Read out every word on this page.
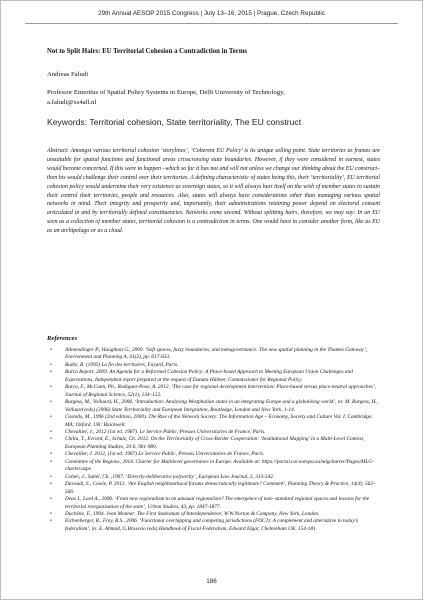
29th Annual AESOP 2015 Congress | July 13–16, 2015 | Prague, Czech Republic
Not to Split Hairs: EU Territorial Cohesion a Contradiction in Terms
Andreas Faludi
Professor Emeritus of Spatial Policy Systems in Europe, Delft University of Technology,
a.faludi@xs4all.nl
Keywords: Territorial cohesion, State territoriality, The EU construct

Abstract: Amongst various territorial cohesion ‘storylines’, ‘Coherent EU Policy’ is its unique selling point. State territories as frames are unsuitable for spatial functions and functional areas crisscrossing state boundaries. However, if they were considered in earnest, states would become concerned. If this were to happen –which so far it has not and will not unless we change our thinking about the EU construct– then his would challenge their control over their territories. A defining characteristic of states being this, their ‘territoriality’, EU territorial cohesion policy would undermine their very existence as sovereign states, so it will always hurt itself on the wish of member states to sustain their control their territories, people and resources. Also, states will always have considerations other than managing various spatial networks in mind. Their integrity and prosperity and, importantly, their administrations retaining power depend on electoral consent articulated in and by territorially defined constituencies. Networks come second. Without splitting hairs, therefore, we may say: In an EU seen as a collection of member states, territorial cohesion is a contradiction in terms. One would have to consider another form, like as EU as an archipelago or as a cloud.

References
• Allmendinger P., Haughton G., 2009. ‘Soft spaces, fuzzy boundaries, and metagovernance: The new spatial planning in the Thames Gateway’, Environment and Planning A, 41(3), pp. 617-633.
• Badie, B. (1995) La fin des territoires, Fayard, Paris.
• Barca Report, 2009. An Agenda for a Reformed Cohesion Policy: A Place-based Approach to Meeting European Union Challenges and Expectations, Independent report prepared at the request of Danuta Hübner, Commissioner for Regional Policy.
• Barca, F., McCann, Ph., Rodíguez-Pose, A. 2012. ‘The case for regional development intervention: Place-based versus place-neutral approaches’, Journal of Regional Science, 52(1), 134–152.
• Burgess, M., Vollaard, H., 2006. ‘Introduction: Analysing Westphalian states in an integrating Europe and a globalising world’, in: M. Burgess, H., Vollaard (eds) (2006) State Territoriality and European Integration, Routledge, London and New York, 1-14.
• Castells, M., 1996 (2nd edition, 2000). The Rise of the Network Society: The Information Age – Economy, Society and Culture Vol. I. Cambridge, MA; Oxford, UK: Blackwell.
• Chevallier, J., 2012 (1st ed. 1987). Le Service Public, Presses Universitaires de France, Paris.
• Chilla, T., Evrard, E., Schulz, Ch. 2012. On the Territoriality of Cross-Border Cooperation: ‘Institutional Mapping’ in a Multi-Level Context, European Planning Studies, 20:6, 961-980.
• Chevallier, J. 2012, (1st ed. 1987) Le Service Public, Presses Universitaires de France, Paris.
• Committee of the Regions, 2014. Charter for Multilevel governance in Europe. Available at: https://portal.cor.europa.eu/mlgcharter/Pages/MLG-charter.aspx
• Cohen, J., Sabel, Ch. ,1997. ‘Directly-deliberative polyarchy’, European Law Journal, 3, 313-342.
• Davoudi, S., Cowie, P. 2013. ‘Are English neighbourhood forums democratically legitimate? Comment’, Planning Theory & Practice, 14(4), 562–566.
• Deas I., Lord A., 2006. ‘From new regionalism to an unusual regionalism? The emergence of non- standard regional spaces and lessons for the territorial reorganisation of the state’, Urban Studies, 43, pp. 1847-1877.
• Duchêne, F., 1994. Jean Monnet: The First Statesman of Interdependence, W.W.Norton & Company, New York, London.
• Eichenberger, R., Frey, B.S., 2006. ‘Functional overlapping and competing jurisdictions (FOCJ): A complement and alternative to today’s federalism’, in: E. Ahmad, G.Brosssio (eds) Handbook of Fiscal Federalism, Edward Elgar, Cheltenham UK, 154-181.
186
